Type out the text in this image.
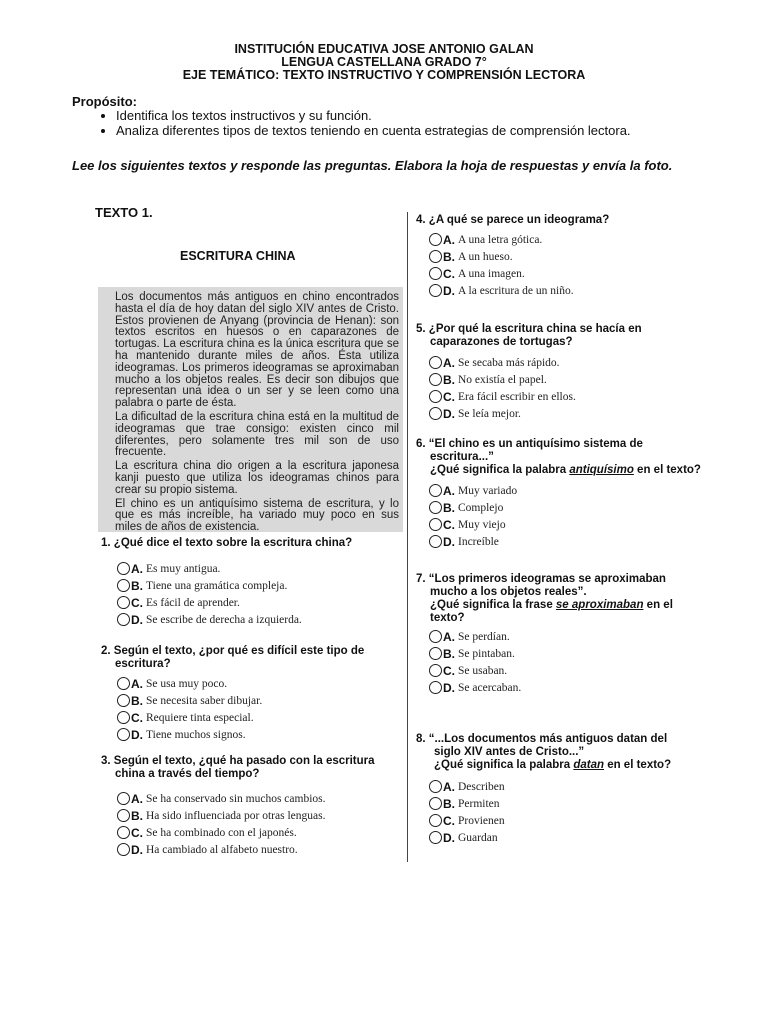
INSTITUCIÓN EDUCATIVA JOSE ANTONIO GALAN
LENGUA CASTELLANA GRADO 7°
EJE TEMÁTICO: TEXTO INSTRUCTIVO Y COMPRENSIÓN LECTORA
Propósito:
• Identifica los textos instructivos y su función.
• Analiza diferentes tipos de textos teniendo en cuenta estrategias de comprensión lectora.
Lee los siguientes textos y responde las preguntas. Elabora la hoja de respuestas y envía la foto.
TEXTO 1.
ESCRITURA CHINA

Los documentos más antiguos en chino encontrados hasta el día de hoy datan del siglo XIV antes de Cristo. Estos provienen de Anyang (provincia de Henan): son textos escritos en huesos o en caparazones de tortugas. La escritura china es la única escritura que se ha mantenido durante miles de años. Ésta utiliza ideogramas. Los primeros ideogramas se aproximaban mucho a los objetos reales. Es decir son dibujos que representan una idea o un ser y se leen como una palabra o parte de ésta.

La dificultad de la escritura china está en la multitud de ideogramas que trae consigo: existen cinco mil diferentes, pero solamente tres mil son de uso frecuente.

La escritura china dio origen a la escritura japonesa kanji puesto que utiliza los ideogramas chinos para crear su propio sistema.

El chino es un antiquísimo sistema de escritura, y lo que es más increíble, ha variado muy poco en sus miles de años de existencia.

1. ¿Qué dice el texto sobre la escritura china?
A. Es muy antigua.
B. Tiene una gramática compleja.
C. Es fácil de aprender.
D. Se escribe de derecha a izquierda.
2. Según el texto, ¿por qué es difícil este tipo de
escritura?
A. Se usa muy poco.
B. Se necesita saber dibujar.
C. Requiere tinta especial.
D. Tiene muchos signos.
3. Según el texto, ¿qué ha pasado con la escritura
china a través del tiempo?
A. Se ha conservado sin muchos cambios.
B. Ha sido influenciada por otras lenguas.
C. Se ha combinado con el japonés.
D. Ha cambiado al alfabeto nuestro.
4. ¿A qué se parece un ideograma?
A. A una letra gótica.
B. A un hueso.
C. A una imagen.
D. A la escritura de un niño.
5. ¿Por qué la escritura china se hacía en
caparazones de tortugas?
A. Se secaba más rápido.
B. No existía el papel.
C. Era fácil escribir en ellos.
D. Se leía mejor.
6. “El chino es un antiquísimo sistema de
escritura...”
¿Qué significa la palabra antiquísimo en el texto?
A. Muy variado
B. Complejo
C. Muy viejo
D. Increíble
7. “Los primeros ideogramas se aproximaban
mucho a los objetos reales”.
¿Qué significa la frase se aproximaban en el
texto?
A. Se perdían.
B. Se pintaban.
C. Se usaban.
D. Se acercaban.
8. “...Los documentos más antiguos datan del
siglo XIV antes de Cristo...”
¿Qué significa la palabra datan en el texto?
A. Describen
B. Permiten
C. Provienen
D. Guardan
